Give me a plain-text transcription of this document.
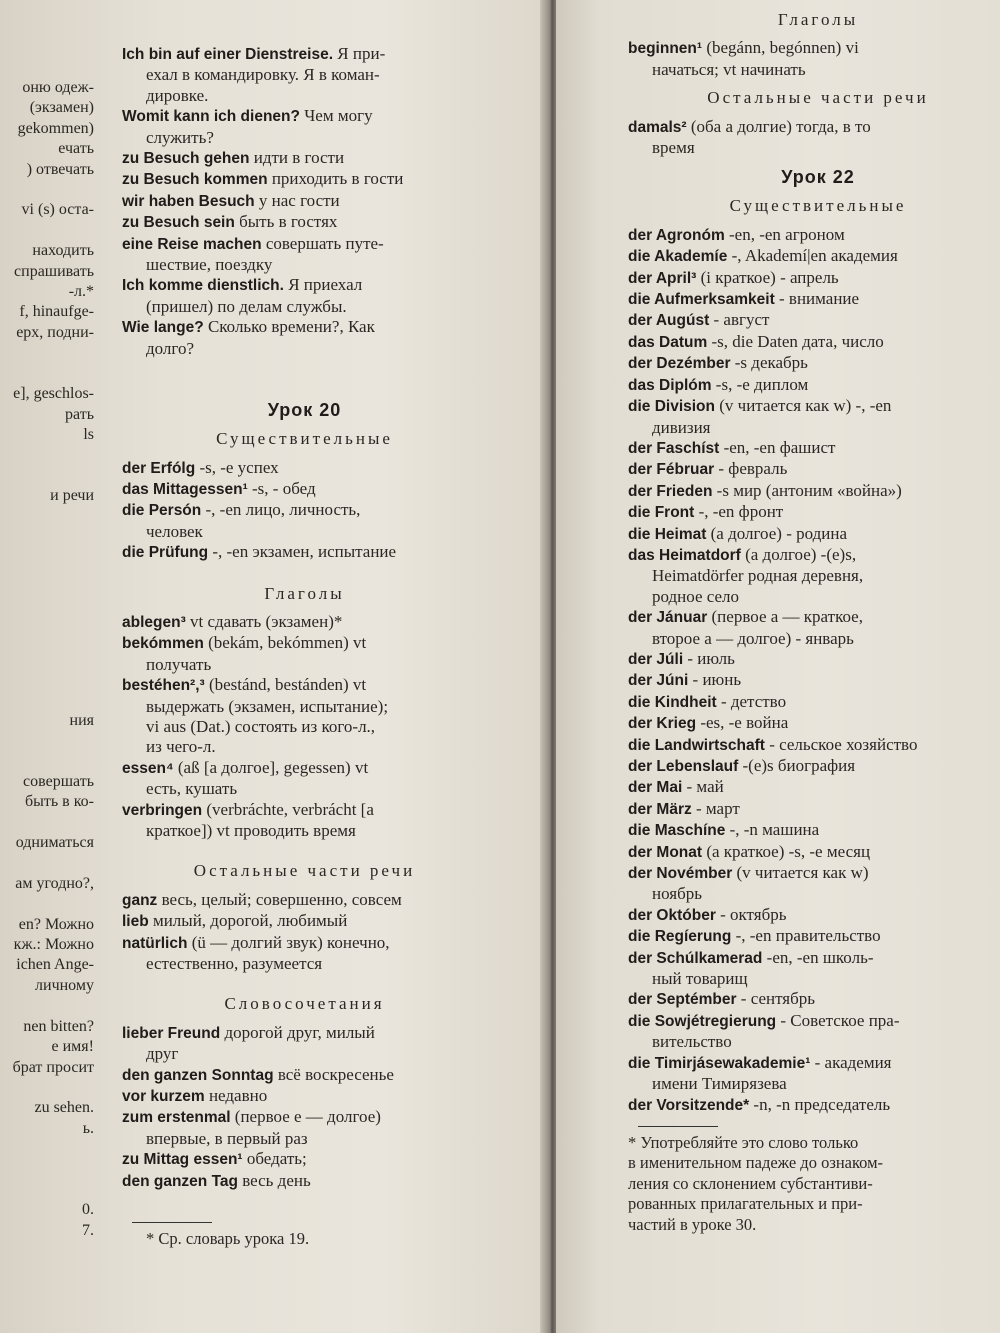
оню одеж-
(экзамен)
gekommen)
ечать
) отвечать

vi (s) оста-

находить
спрашивать
-л.*
f, hinaufge-
ерх, подни-

e], geschlos-
рать
ls

и речи

ния

совершать
быть в ко-

одниматься

ам угодно?,

en? Можно
кж.: Можно
ichen Ange-
личному

nen bitten?
е имя!
брат просит

zu sehen.
ь.

0.
7.
Ich bin auf einer Dienstreise. Я при-
ехал в командировку. Я в коман-
дировке.
Womit kann ich dienen? Чем могу
служить?
zu Besuch gehen идти в гости
zu Besuch kommen приходить в гости
wir haben Besuch у нас гости
zu Besuch sein быть в гостях
eine Reise machen совершать путе-
шествие, поездку
Ich komme dienstlich. Я приехал
(пришел) по делам службы.
Wie lange? Сколько времени?, Как
долго?
Урок 20
Существительные
der Erfólg -s, -e успех
das Mittagessen¹ -s, - обед
die Persón -, -en лицо, личность,
человек
die Prüfung -, -en экзамен, испытание
Глаголы
ablegen³ vt сдавать (экзамен)*
bekómmen (bekám, bekómmen) vt
получать
bestéhen²,³ (bestánd, bestánden) vt
выдержать (экзамен, испытание);
vi aus (Dat.) состоять из кого-л.,
из чего-л.
essen⁴ (aß [a долгое], gegessen) vt
есть, кушать
verbringen (verbráchte, verbrácht [a
краткое]) vt проводить время
Остальные части речи
ganz весь, целый; совершенно, совсем
lieb милый, дорогой, любимый
natürlich (ü — долгий звук) конечно,
естественно, разумеется
Словосочетания
lieber Freund дорогой друг, милый
друг
den ganzen Sonntag всё воскресенье
vor kurzem недавно
zum erstenmal (первое e — долгое)
впервые, в первый раз
zu Mittag essen¹ обедать;
den ganzen Tag весь день
* Ср. словарь урока 19.
Глаголы
beginnen¹ (begánn, begónnen) vi
начаться; vt начинать
Остальные части речи
damals² (оба a долгие) тогда, в то
время
Урок 22
Существительные
der Agronóm -en, -en агроном
die Akademíe -, Akademí|en академия
der April³ (i краткое) - апрель
die Aufmerksamkeit - внимание
der Augúst - август
das Datum -s, die Daten дата, число
der Dezémber -s декабрь
das Diplóm -s, -e диплом
die Division (v читается как w) -, -en
дивизия
der Faschíst -en, -en фашист
der Fébruar - февраль
der Frieden -s мир (антоним «война»)
die Front -, -en фронт
die Heimat (a долгое) - родина
das Heimatdorf (a долгое) -(e)s,
Heimatdörfer родная деревня,
родное село
der Jánuar (первое a — краткое,
второе a — долгое) - январь
der Júli - июль
der Júni - июнь
die Kindheit - детство
der Krieg -es, -e война
die Landwirtschaft - сельское хозяйство
der Lebenslauf -(e)s биография
der Mai - май
der März - март
die Maschíne -, -n машина
der Monat (a краткое) -s, -e месяц
der Novémber (v читается как w)
ноябрь
der Október - октябрь
die Regíerung -, -en правительство
der Schúlkamerad -en, -en школь-
ный товарищ
der Septémber - сентябрь
die Sowjétregierung - Советское пра-
вительство
die Timirjásewakademie¹ - академия
имени Тимирязева
der Vorsitzende* -n, -n председатель
* Употребляйте это слово только
в именительном падеже до ознаком-
ления со склонением субстантиви-
рованных прилагательных и при-
частий в уроке 30.
